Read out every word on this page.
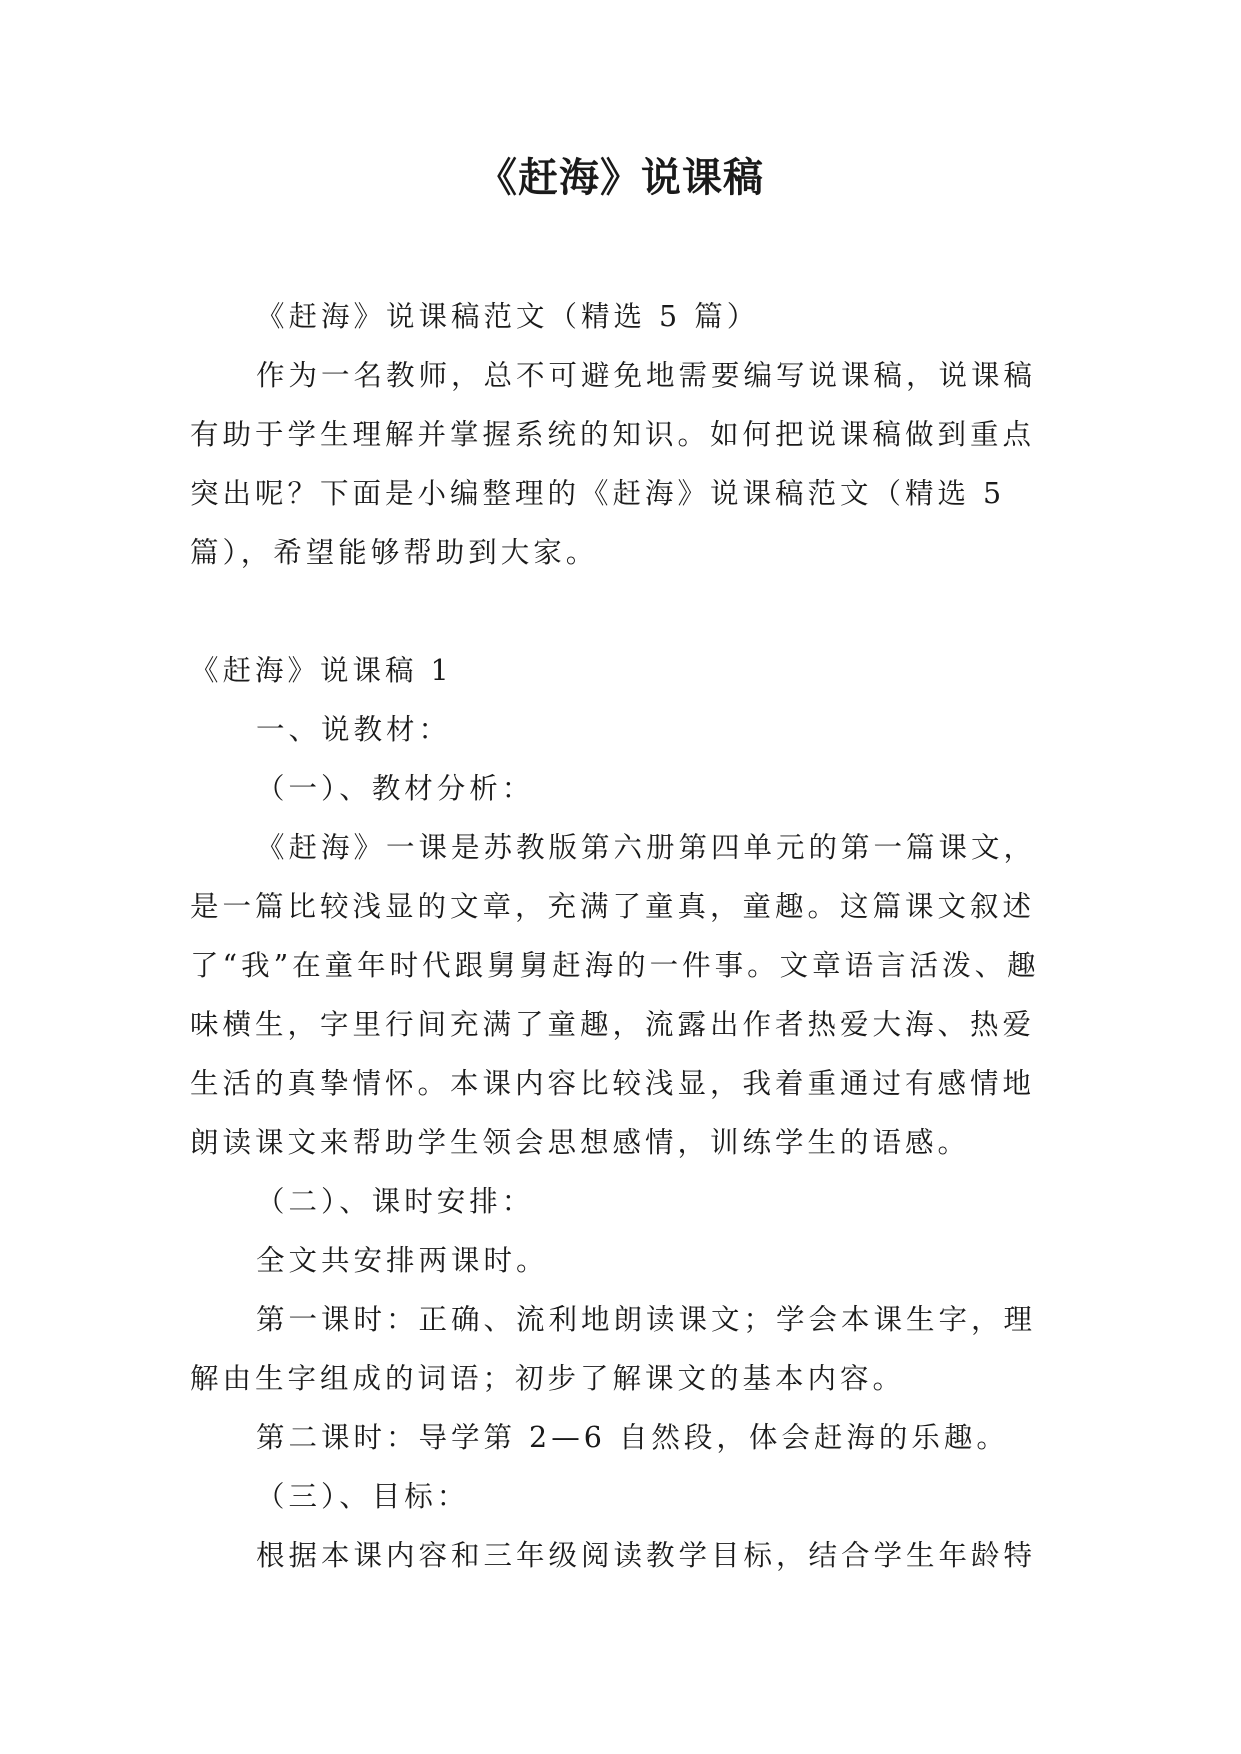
《赶海》说课稿

《赶海》说课稿范文（精选 5 篇）

作为一名教师，总不可避免地需要编写说课稿，说课稿有助于学生理解并掌握系统的知识。如何把说课稿做到重点突出呢？下面是小编整理的《赶海》说课稿范文（精选 5 篇），希望能够帮助到大家。

《赶海》说课稿 1

一、说教材：

（一）、教材分析：

《赶海》一课是苏教版第六册第四单元的第一篇课文，是一篇比较浅显的文章，充满了童真，童趣。这篇课文叙述了“我”在童年时代跟舅舅赶海的一件事。文章语言活泼、趣味横生，字里行间充满了童趣，流露出作者热爱大海、热爱生活的真挚情怀。本课内容比较浅显，我着重通过有感情地朗读课文来帮助学生领会思想感情，训练学生的语感。

（二）、课时安排：

全文共安排两课时。

第一课时：正确、流利地朗读课文；学会本课生字，理解由生字组成的词语；初步了解课文的基本内容。

第二课时：导学第 2—6 自然段，体会赶海的乐趣。

（三）、目标：

根据本课内容和三年级阅读教学目标，结合学生年龄特
